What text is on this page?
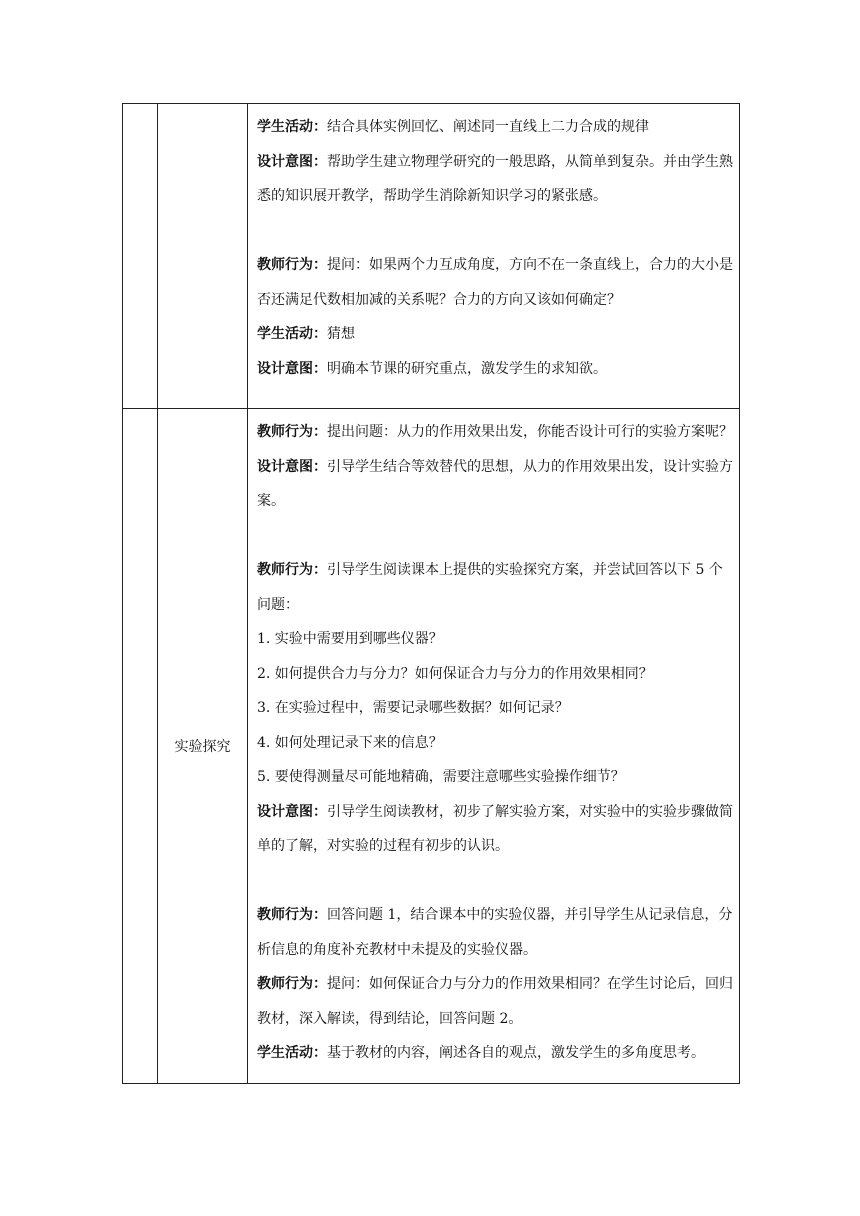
学生活动：结合具体实例回忆、阐述同一直线上二力合成的规律

设计意图：帮助学生建立物理学研究的一般思路，从简单到复杂。并由学生熟悉的知识展开教学，帮助学生消除新知识学习的紧张感。

教师行为：提问：如果两个力互成角度，方向不在一条直线上，合力的大小是否还满足代数相加减的关系呢？合力的方向又该如何确定？

学生活动：猜想

设计意图：明确本节课的研究重点，激发学生的求知欲。

实验探究

教师行为：提出问题：从力的作用效果出发，你能否设计可行的实验方案呢？

设计意图：引导学生结合等效替代的思想，从力的作用效果出发，设计实验方案。

教师行为：引导学生阅读课本上提供的实验探究方案，并尝试回答以下 5 个问题：

1. 实验中需要用到哪些仪器？

2. 如何提供合力与分力？如何保证合力与分力的作用效果相同？

3. 在实验过程中，需要记录哪些数据？如何记录？

4. 如何处理记录下来的信息？

5. 要使得测量尽可能地精确，需要注意哪些实验操作细节？

设计意图：引导学生阅读教材，初步了解实验方案，对实验中的实验步骤做简单的了解，对实验的过程有初步的认识。

教师行为：回答问题 1，结合课本中的实验仪器，并引导学生从记录信息，分析信息的角度补充教材中未提及的实验仪器。

教师行为：提问：如何保证合力与分力的作用效果相同？在学生讨论后，回归教材，深入解读，得到结论，回答问题 2。

学生活动：基于教材的内容，阐述各自的观点，激发学生的多角度思考。
